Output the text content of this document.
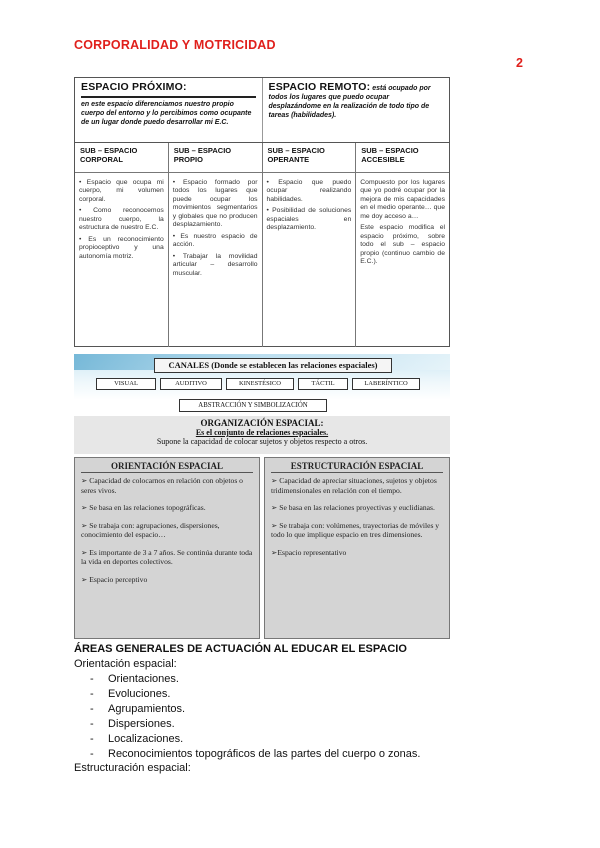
CORPORALIDAD Y MOTRICIDAD
2
ESPACIO PRÓXIMO:
en este espacio diferenciamos nuestro propio cuerpo del entorno y lo percibimos como ocupante de un lugar donde puedo desarrollar mi E.C.
ESPACIO REMOTO: está ocupado por todos los lugares que puedo ocupar desplazándome en la realización de todo tipo de tareas (habilidades).
SUB – ESPACIO CORPORAL

• Espacio que ocupa mi cuerpo, mi volumen corporal.

• Como reconocemos nuestro cuerpo, la estructura de nuestro E.C.

• Es un reconocimiento propioceptivo y una autonomía motriz.

SUB – ESPACIO PROPIO

• Espacio formado por todos los lugares que puede ocupar los movimientos segmentarios y globales que no producen desplazamiento.

• Es nuestro espacio de acción.

• Trabajar la movilidad articular – desarrollo muscular.

SUB – ESPACIO OPERANTE

• Espacio que puedo ocupar realizando habilidades.

• Posibilidad de soluciones espaciales en desplazamiento.

SUB – ESPACIO ACCESIBLE

Compuesto por los lugares que yo podré ocupar por la mejora de mis capacidades en el medio operante… que me doy acceso a…

Este espacio modifica el espacio próximo, sobre todo el sub – espacio propio (continuo cambio de E.C.).

CANALES (Donde se establecen las relaciones espaciales)
VISUAL	AUDITIVO	KINESTÉSICO	TÁCTIL	LABERÍNTICO
ABSTRACCIÓN Y SIMBOLIZACIÓN
ORGANIZACIÓN ESPACIAL:
Es el conjunto de relaciones espaciales.
Supone la capacidad de colocar sujetos y objetos respecto a otros.
ORIENTACIÓN ESPACIAL

➢ Capacidad de colocarnos en relación con objetos o seres vivos.

➢ Se basa en las relaciones topográficas.

➢ Se trabaja con: agrupaciones, dispersiones, conocimiento del espacio…

➢ Es importante de 3 a 7 años. Se continúa durante toda la vida en deportes colectivos.

➢ Espacio perceptivo

ESTRUCTURACIÓN ESPACIAL

➢ Capacidad de apreciar situaciones, sujetos y objetos tridimensionales en relación con el tiempo.

➢ Se basa en las relaciones proyectivas y euclidianas.

➢ Se trabaja con: volúmenes, trayectorias de móviles y todo lo que implique espacio en tres dimensiones.

➢Espacio representativo

ÁREAS GENERALES DE ACTUACIÓN AL EDUCAR EL ESPACIO
Orientación espacial:
- Orientaciones.
- Evoluciones.
- Agrupamientos.
- Dispersiones.
- Localizaciones.
- Reconocimientos topográficos de las partes del cuerpo o zonas.
Estructuración espacial:
